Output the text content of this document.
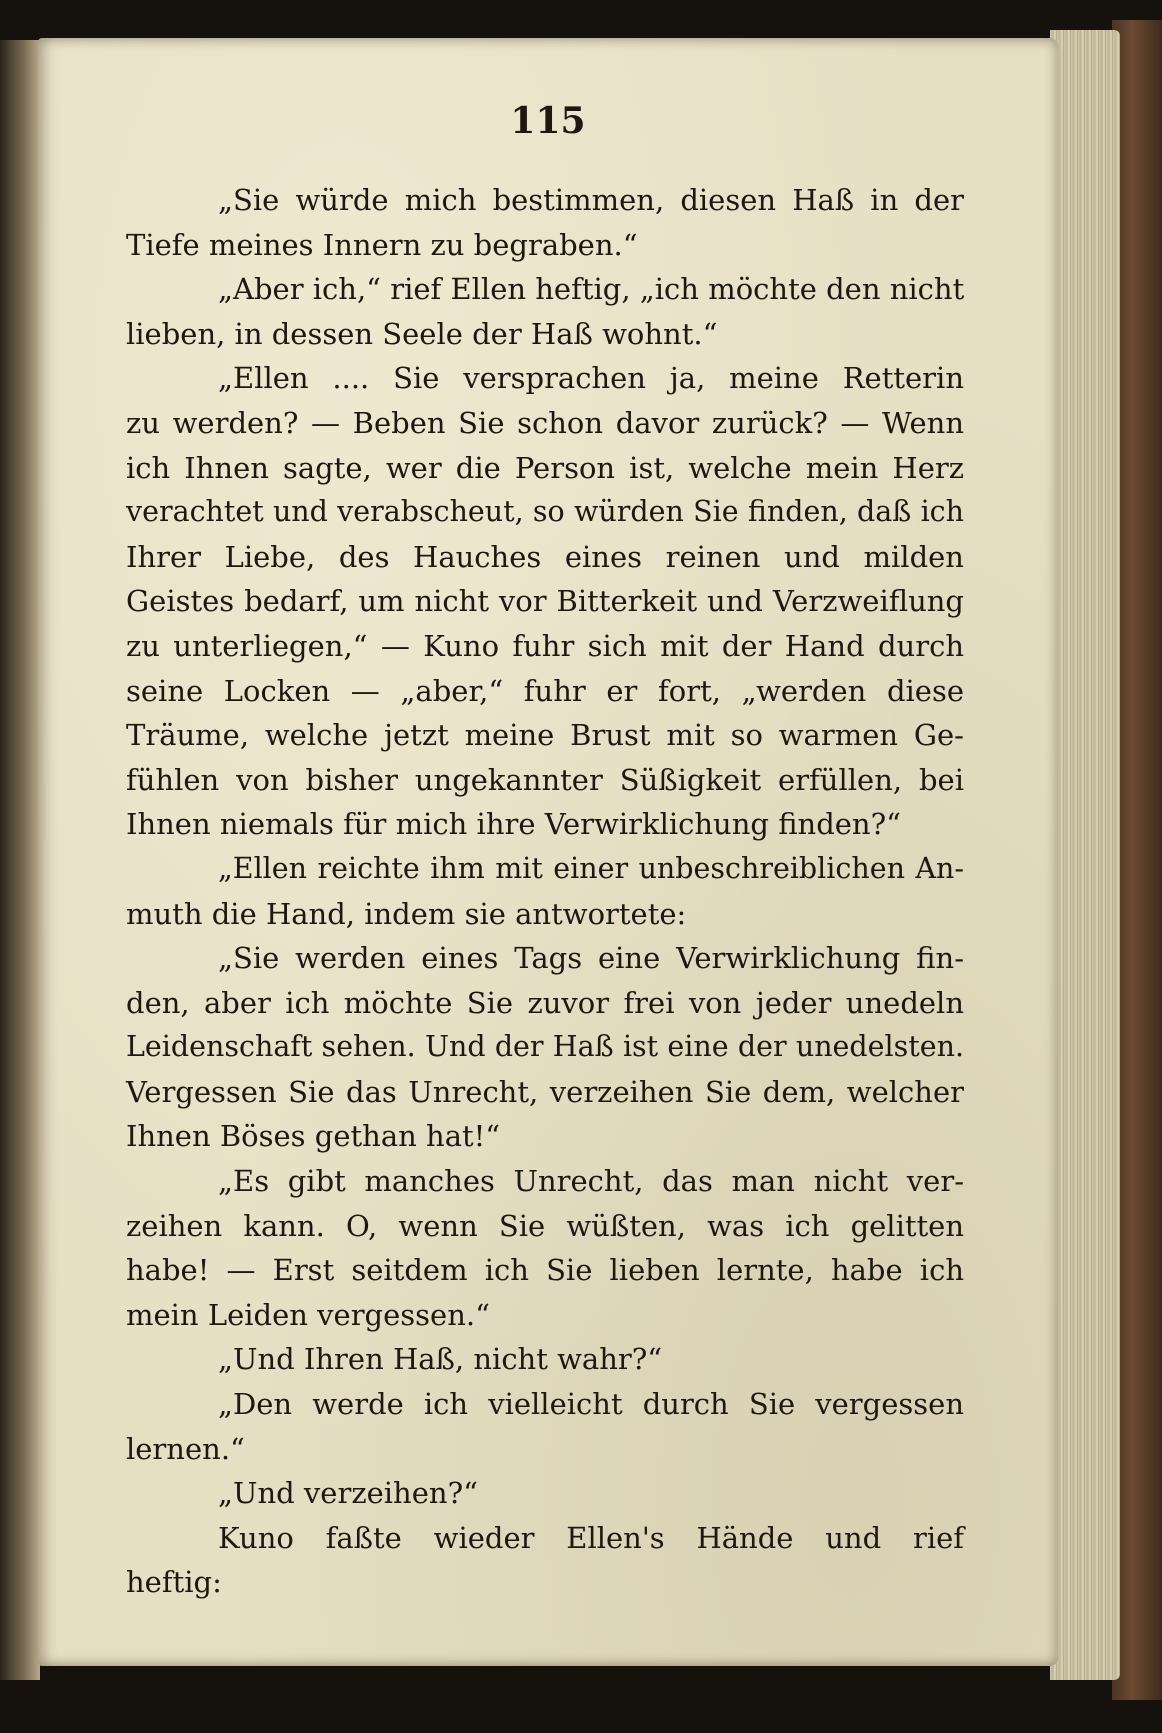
115
„Sie würde mich bestimmen, diesen Haß in der
Tiefe meines Innern zu begraben.“
„Aber ich,“ rief Ellen heftig, „ich möchte den nicht
lieben, in dessen Seele der Haß wohnt.“
„Ellen .... Sie versprachen ja, meine Retterin
zu werden? — Beben Sie schon davor zurück? — Wenn
ich Ihnen sagte, wer die Person ist, welche mein Herz
verachtet und verabscheut, so würden Sie finden, daß ich
Ihrer Liebe, des Hauches eines reinen und milden
Geistes bedarf, um nicht vor Bitterkeit und Verzweiflung
zu unterliegen,“ — Kuno fuhr sich mit der Hand durch
seine Locken — „aber,“ fuhr er fort, „werden diese
Träume, welche jetzt meine Brust mit so warmen Ge-
fühlen von bisher ungekannter Süßigkeit erfüllen, bei
Ihnen niemals für mich ihre Verwirklichung finden?“
„Ellen reichte ihm mit einer unbeschreiblichen An-
muth die Hand, indem sie antwortete:
„Sie werden eines Tags eine Verwirklichung fin-
den, aber ich möchte Sie zuvor frei von jeder unedeln
Leidenschaft sehen. Und der Haß ist eine der unedelsten.
Vergessen Sie das Unrecht, verzeihen Sie dem, welcher
Ihnen Böses gethan hat!“
„Es gibt manches Unrecht, das man nicht ver-
zeihen kann. O, wenn Sie wüßten, was ich gelitten
habe! — Erst seitdem ich Sie lieben lernte, habe ich
mein Leiden vergessen.“
„Und Ihren Haß, nicht wahr?“
„Den werde ich vielleicht durch Sie vergessen
lernen.“
„Und verzeihen?“
Kuno faßte wieder Ellen's Hände und rief
heftig:
